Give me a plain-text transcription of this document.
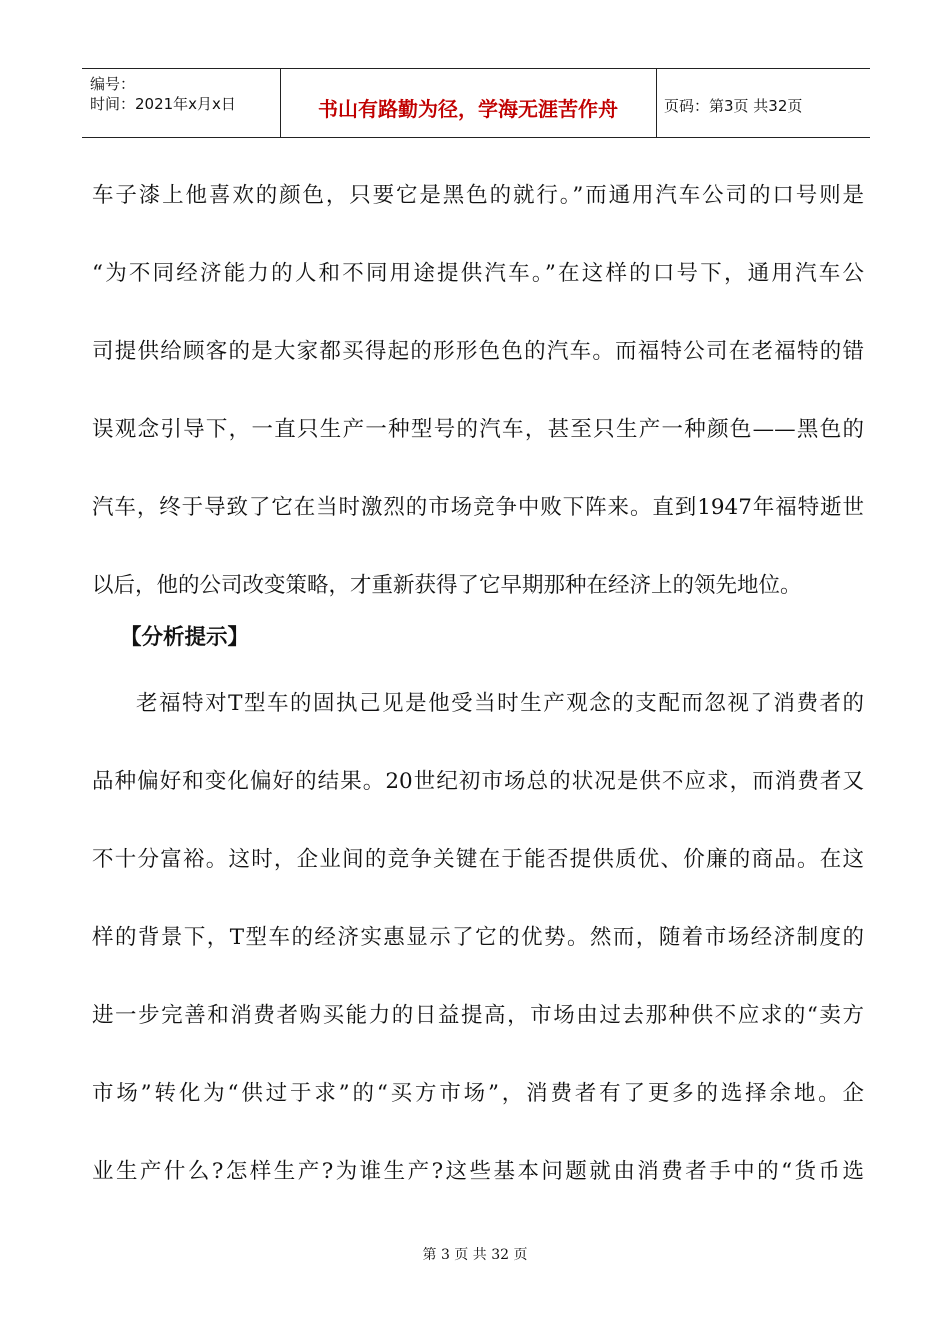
编号：
时间：2021年x月x日	书山有路勤为径，学海无涯苦作舟	页码：第3页 共32页
车子漆上他喜欢的颜色，只要它是黑色的就行。”而通用汽车公司的口号则是
“为不同经济能力的人和不同用途提供汽车。”在这样的口号下，通用汽车公
司提供给顾客的是大家都买得起的形形色色的汽车。而福特公司在老福特的错
误观念引导下，一直只生产一种型号的汽车，甚至只生产一种颜色——黑色的
汽车，终于导致了它在当时激烈的市场竞争中败下阵来。直到1947年福特逝世
以后，他的公司改变策略，才重新获得了它早期那种在经济上的领先地位。
【分析提示】
老福特对T型车的固执己见是他受当时生产观念的支配而忽视了消费者的
品种偏好和变化偏好的结果。20世纪初市场总的状况是供不应求，而消费者又
不十分富裕。这时，企业间的竞争关键在于能否提供质优、价廉的商品。在这
样的背景下，T型车的经济实惠显示了它的优势。然而，随着市场经济制度的
进一步完善和消费者购买能力的日益提高，市场由过去那种供不应求的“卖方
市场”转化为“供过于求”的“买方市场”，消费者有了更多的选择余地。企
业生产什么?怎样生产?为谁生产?这些基本问题就由消费者手中的“货币选
第 3 页 共 32 页
